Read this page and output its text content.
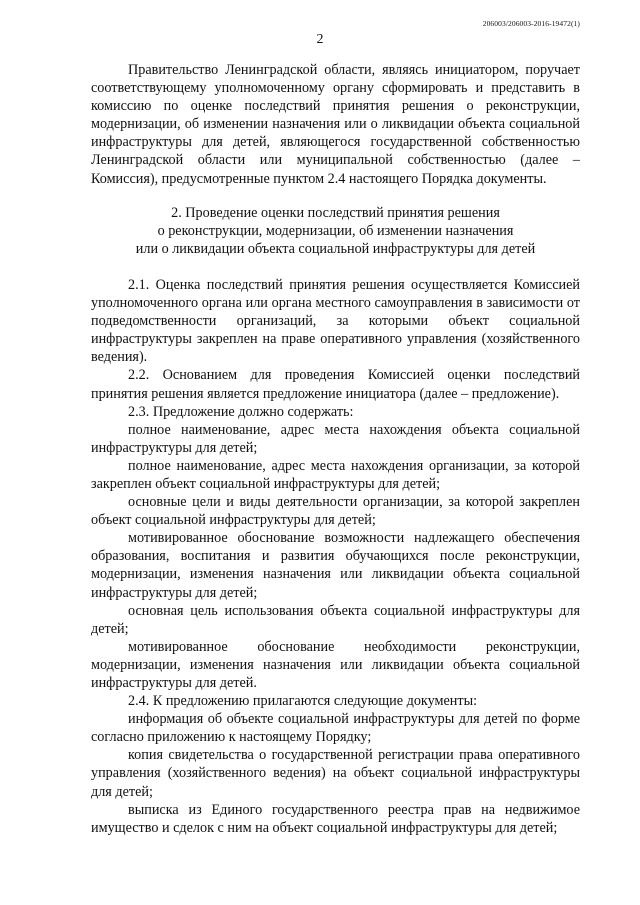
206003/206003-2016-19472(1)
2

Правительство Ленинградской области, являясь инициатором, поручает соответствующему уполномоченному органу сформировать и представить в комиссию по оценке последствий принятия решения о реконструкции, модернизации, об изменении назначения или о ликвидации объекта социальной инфраструктуры для детей, являющегося государственной собственностью Ленинградской области или муниципальной собственностью (далее – Комиссия), предусмотренные пунктом 2.4 настоящего Порядка документы.

2. Проведение оценки последствий принятия решения
о реконструкции, модернизации, об изменении назначения
или о ликвидации объекта социальной инфраструктуры для детей

2.1. Оценка последствий принятия решения осуществляется Комиссией уполномоченного органа или органа местного самоуправления в зависимости от подведомственности организаций, за которыми объект социальной инфраструктуры закреплен на праве оперативного управления (хозяйственного ведения).

2.2. Основанием для проведения Комиссией оценки последствий принятия решения является предложение инициатора (далее – предложение).

2.3. Предложение должно содержать:

полное наименование, адрес места нахождения объекта социальной инфраструктуры для детей;

полное наименование, адрес места нахождения организации, за которой закреплен объект социальной инфраструктуры для детей;

основные цели и виды деятельности организации, за которой закреплен объект социальной инфраструктуры для детей;

мотивированное обоснование возможности надлежащего обеспечения образования, воспитания и развития обучающихся после реконструкции, модернизации, изменения назначения или ликвидации объекта социальной инфраструктуры для детей;

основная цель использования объекта социальной инфраструктуры для детей;

мотивированное обоснование необходимости реконструкции, модернизации, изменения назначения или ликвидации объекта социальной инфраструктуры для детей.

2.4. К предложению прилагаются следующие документы:

информация об объекте социальной инфраструктуры для детей по форме согласно приложению к настоящему Порядку;

копия свидетельства о государственной регистрации права оперативного управления (хозяйственного ведения) на объект социальной инфраструктуры для детей;

выписка из Единого государственного реестра прав на недвижимое имущество и сделок с ним на объект социальной инфраструктуры для детей;
